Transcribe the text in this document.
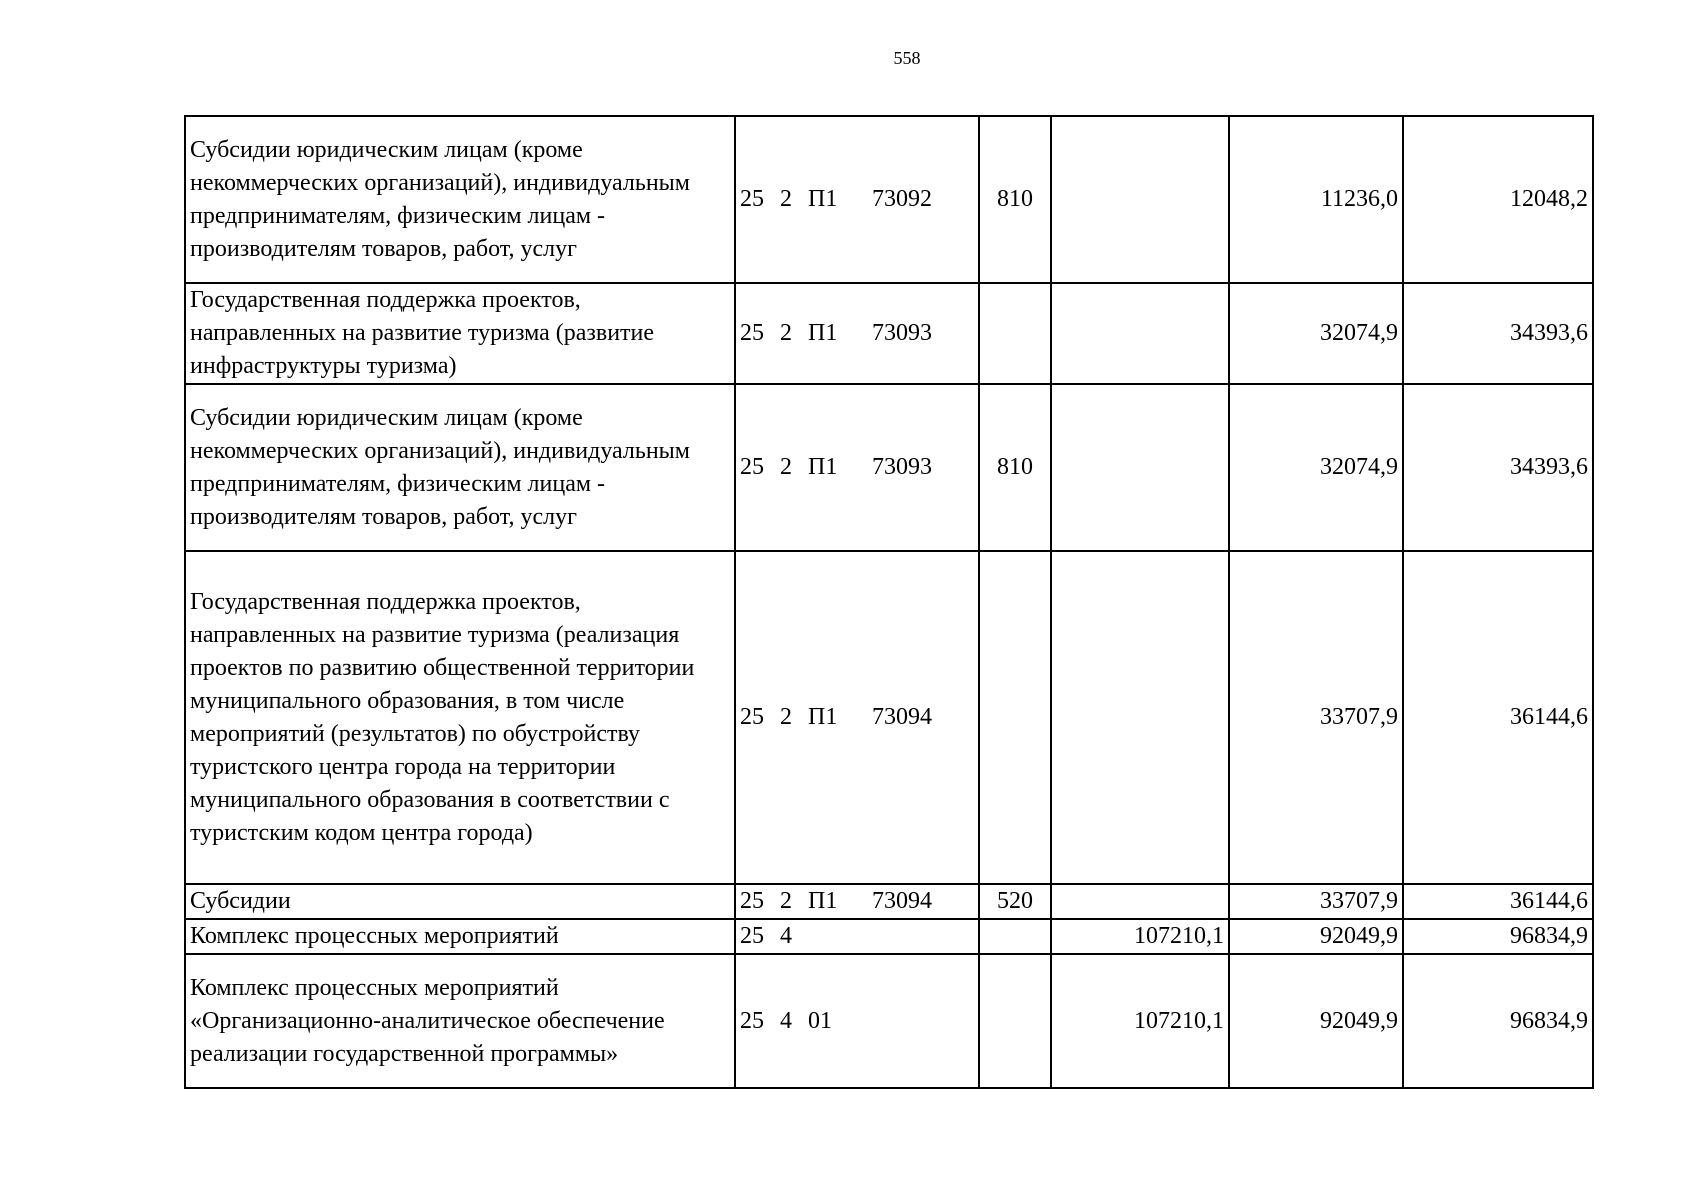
558
Субсидии юридическим лицам (кроме некоммерческих организаций), индивидуальным предпринимателям, физическим лицам - производителям товаров, работ, услуг	25 2 П1 73092	810		11236,0	12048,2
Государственная поддержка проектов, направленных на развитие туризма (развитие инфраструктуры туризма)	25 2 П1 73093			32074,9	34393,6
Субсидии юридическим лицам (кроме некоммерческих организаций), индивидуальным предпринимателям, физическим лицам - производителям товаров, работ, услуг	25 2 П1 73093	810		32074,9	34393,6
Государственная поддержка проектов, направленных на развитие туризма (реализация проектов по развитию общественной территории муниципального образования, в том числе мероприятий (результатов) по обустройству туристского центра города на территории муниципального образования в соответствии с туристским кодом центра города)	25 2 П1 73094			33707,9	36144,6
Субсидии	25 2 П1 73094	520		33707,9	36144,6
Комплекс процессных мероприятий	25 4		107210,1	92049,9	96834,9
Комплекс процессных мероприятий «Организационно-аналитическое обеспечение реализации государственной программы»	25 4 01		107210,1	92049,9	96834,9
